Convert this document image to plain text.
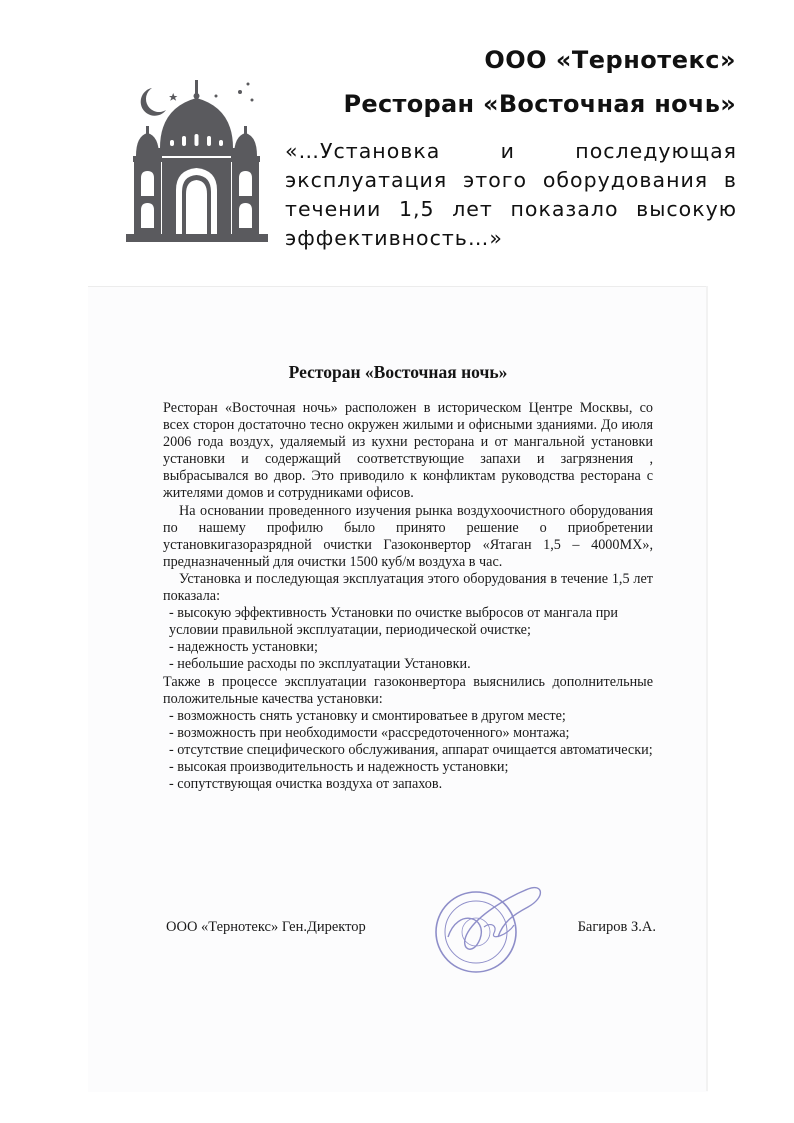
ООО «Тернотекс»
Ресторан «Восточная ночь»
«…Установка и последующая эксплуатация этого оборудования в течении 1,5 лет показало высокую эффективность…»
Ресторан «Восточная ночь»

Ресторан «Восточная ночь» расположен в историческом Центре Москвы, со всех сторон достаточно тесно окружен жилыми и офисными зданиями. До июля 2006 года воздух, удаляемый из кухни ресторана и от мангальной установки установки и содержащий соответствующие запахи и загрязнения , выбрасывался во двор. Это приводило к конфликтам руководства ресторана с жителями домов и сотрудниками офисов.

На основании проведенного изучения рынка воздухоочистного оборудования по нашему профилю было принято решение о приобретении установкигазоразрядной очистки Газоконвертор «Ятаган 1,5 – 4000МХ», предназначенный для очистки 1500 куб/м воздуха в час.

Установка и последующая эксплуатация этого оборудования в течение 1,5 лет показала:

- высокую эффективность Установки по очистке выбросов от мангала при условии правильной эксплуатации, периодической очистке;

- надежность установки;

- небольшие расходы по эксплуатации Установки.

Также в процессе эксплуатации газоконвертора выяснились дополнительные положительные качества установки:

- возможность снять установку и смонтироватьее в другом месте;

- возможность при необходимости «рассредоточенного» монтажа;

- отсутствие специфического обслуживания, аппарат очищается автоматически;

- высокая производительность и надежность установки;

- сопутствующая очистка воздуха от запахов.

ООО «Тернотекс» Ген.Директор	Багиров З.А.
